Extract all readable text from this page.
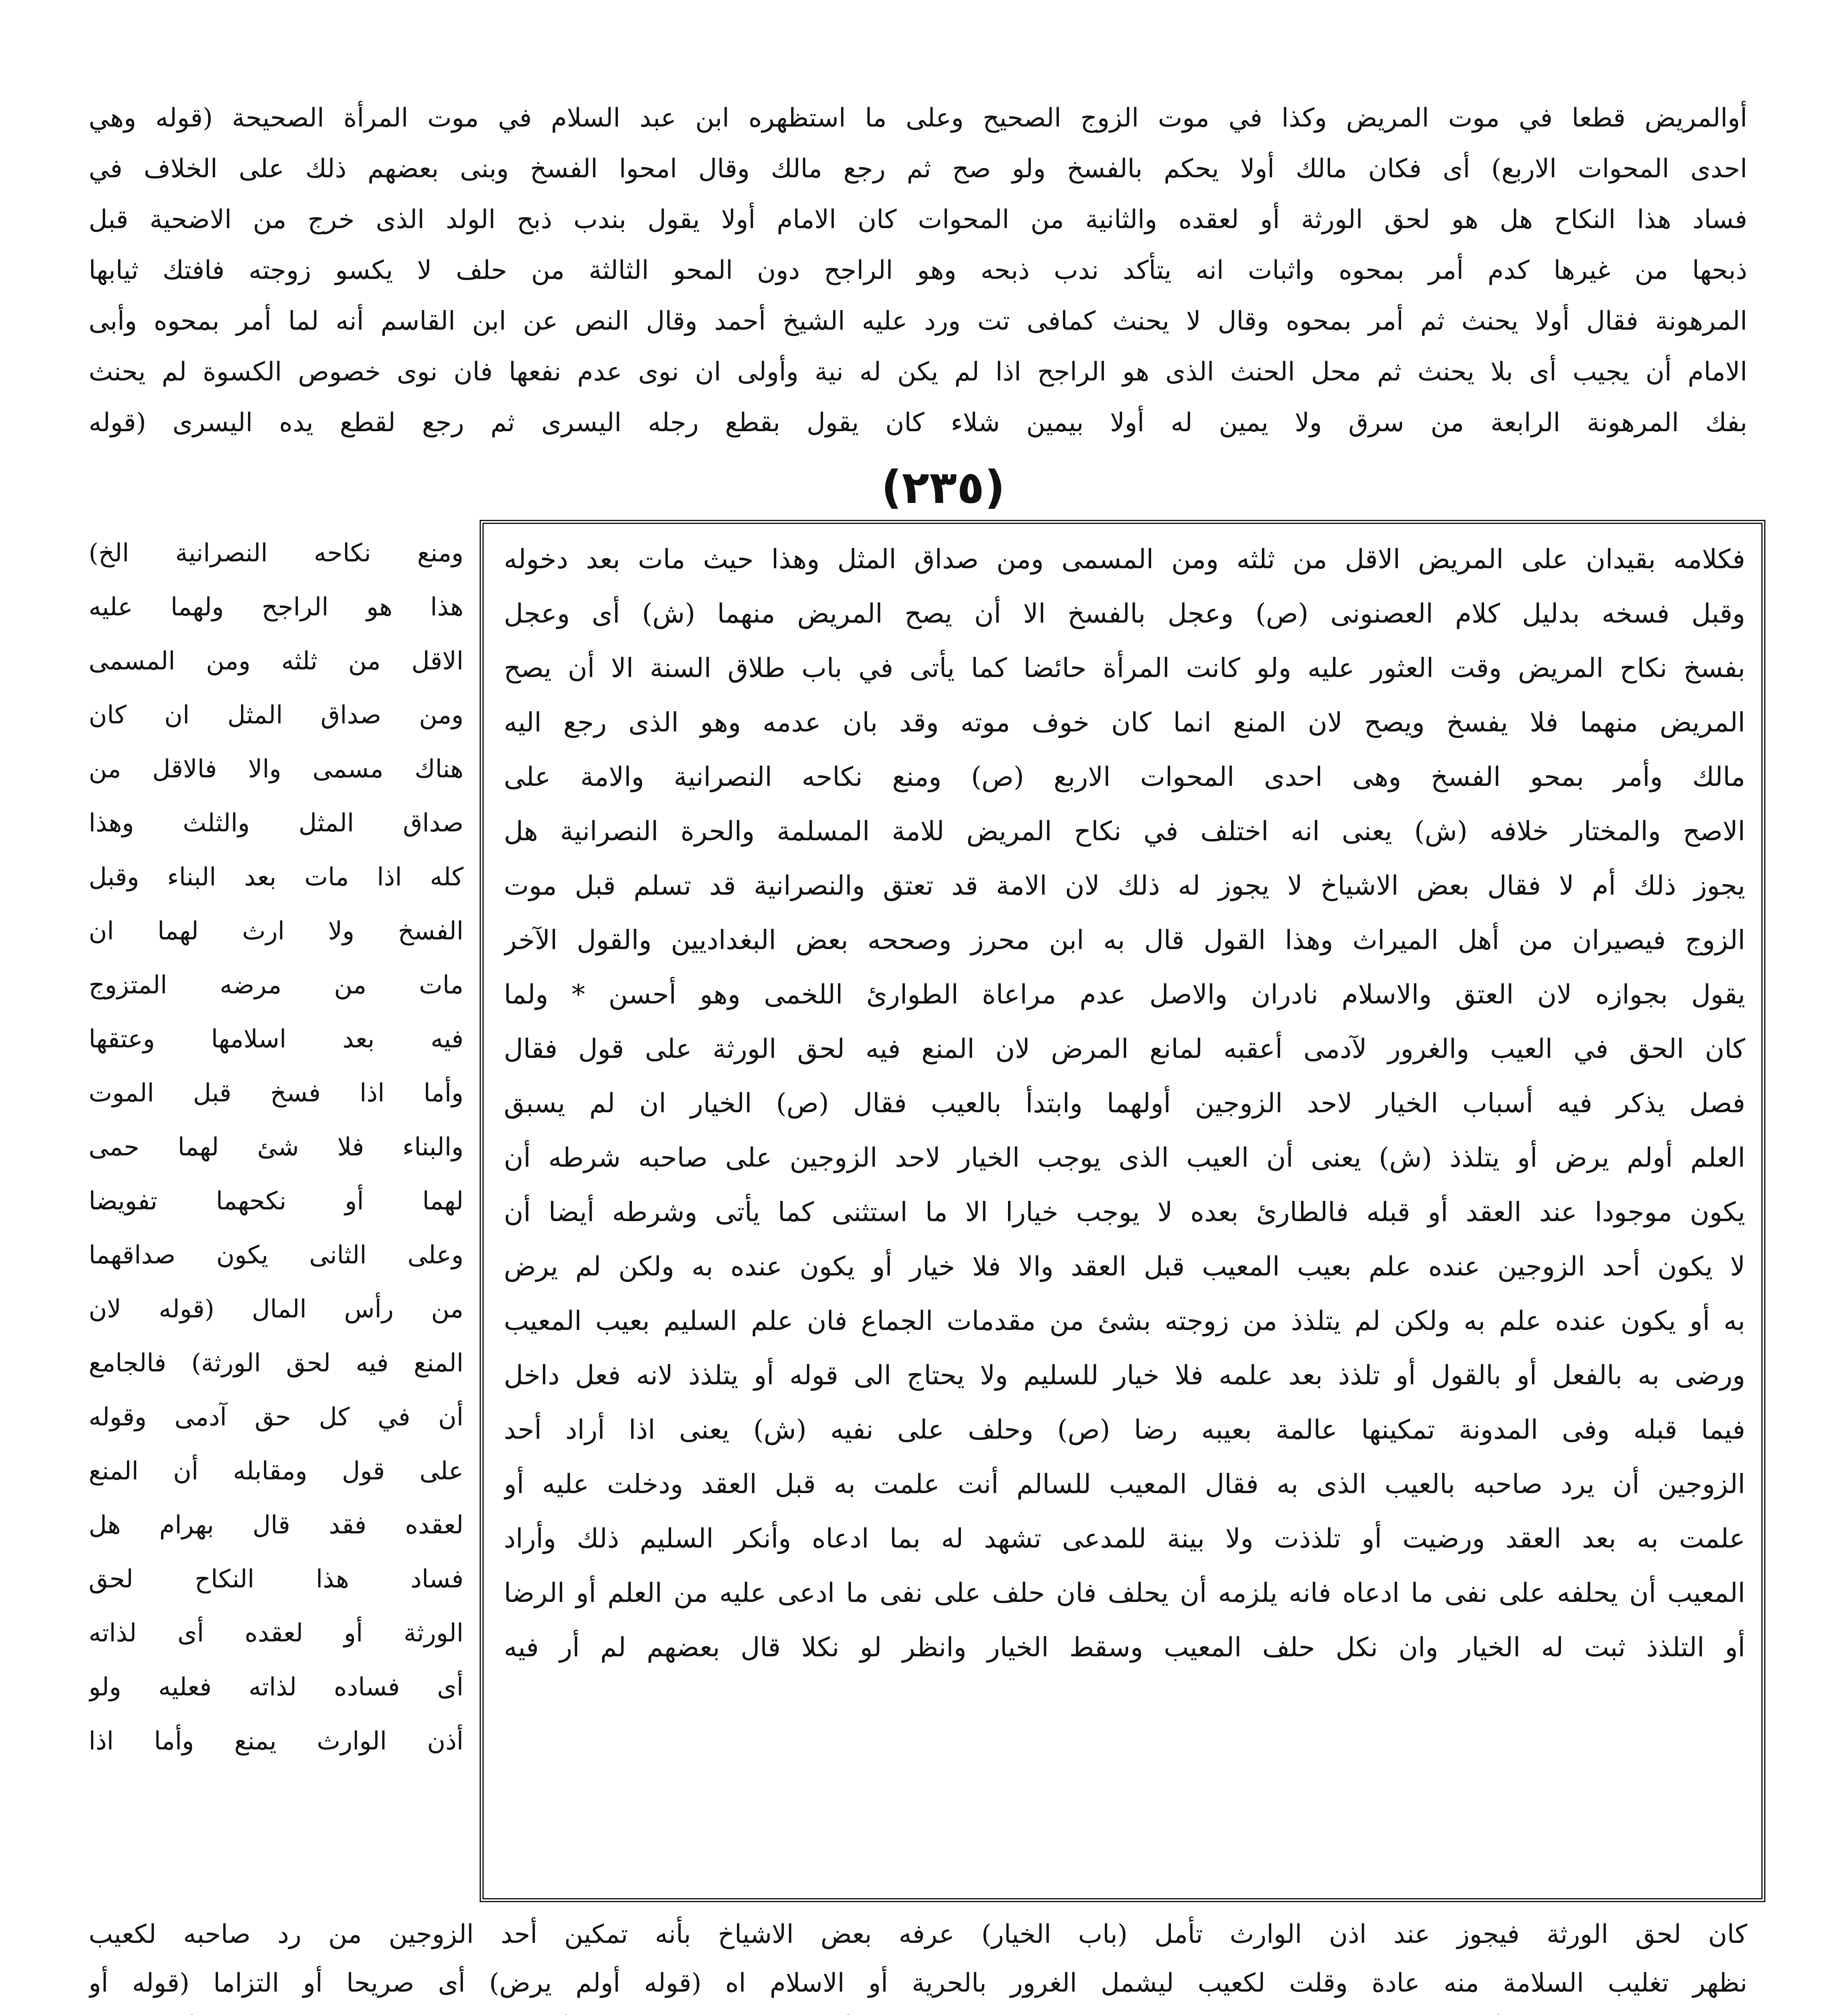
أوالمريض قطعا في موت المريض وكذا في موت الزوج الصحيح وعلى ما استظهره ابن عبد السلام في موت المرأة الصحيحة (قوله وهي

احدى المحوات الاربع) أى فكان مالك أولا يحكم بالفسخ ولو صح ثم رجع مالك وقال امحوا الفسخ وبنى بعضهم ذلك على الخلاف في

فساد هذا النكاح هل هو لحق الورثة أو لعقده والثانية من المحوات كان الامام أولا يقول بندب ذبح الولد الذى خرج من الاضحية قبل

ذبحها من غيرها كدم أمر بمحوه واثبات انه يتأكد ندب ذبحه وهو الراجح دون المحو الثالثة من حلف لا يكسو زوجته فافتك ثيابها

المرهونة فقال أولا يحنث ثم أمر بمحوه وقال لا يحنث كمافى تت ورد عليه الشيخ أحمد وقال النص عن ابن القاسم أنه لما أمر بمحوه وأبى

الامام أن يجيب أى بلا يحنث ثم محل الحنث الذى هو الراجح اذا لم يكن له نية وأولى ان نوى عدم نفعها فان نوى خصوص الكسوة لم يحنث

بفك المرهونة الرابعة من سرق ولا يمين له أولا بيمين شلاء كان يقول بقطع رجله اليسرى ثم رجع لقطع يده اليسرى (قوله

(٢٣٥)

فكلامه بقيدان على المريض الاقل من ثلثه ومن المسمى ومن صداق المثل وهذا حيث مات بعد دخوله

وقبل فسخه بدليل كلام العصنونى (ص) وعجل بالفسخ الا أن يصح المريض منهما (ش) أى وعجل

بفسخ نكاح المريض وقت العثور عليه ولو كانت المرأة حائضا كما يأتى في باب طلاق السنة الا أن يصح

المريض منهما فلا يفسخ ويصح لان المنع انما كان خوف موته وقد بان عدمه وهو الذى رجع اليه

مالك وأمر بمحو الفسخ وهى احدى المحوات الاربع (ص) ومنع نكاحه النصرانية والامة على

الاصح والمختار خلافه (ش) يعنى انه اختلف في نكاح المريض للامة المسلمة والحرة النصرانية هل

يجوز ذلك أم لا فقال بعض الاشياخ لا يجوز له ذلك لان الامة قد تعتق والنصرانية قد تسلم قبل موت

الزوج فيصيران من أهل الميراث وهذا القول قال به ابن محرز وصححه بعض البغداديين والقول الآخر

يقول بجوازه لان العتق والاسلام نادران والاصل عدم مراعاة الطوارئ اللخمى وهو أحسن * ولما

كان الحق في العيب والغرور لآدمى أعقبه لمانع المرض لان المنع فيه لحق الورثة على قول فقال

فصل يذكر فيه أسباب الخيار لاحد الزوجين أولهما وابتدأ بالعيب فقال (ص) الخيار ان لم يسبق

العلم أولم يرض أو يتلذذ (ش) يعنى أن العيب الذى يوجب الخيار لاحد الزوجين على صاحبه شرطه أن

يكون موجودا عند العقد أو قبله فالطارئ بعده لا يوجب خيارا الا ما استثنى كما يأتى وشرطه أيضا أن

لا يكون أحد الزوجين عنده علم بعيب المعيب قبل العقد والا فلا خيار أو يكون عنده به ولكن لم يرض

به أو يكون عنده علم به ولكن لم يتلذذ من زوجته بشئ من مقدمات الجماع فان علم السليم بعيب المعيب

ورضى به بالفعل أو بالقول أو تلذذ بعد علمه فلا خيار للسليم ولا يحتاج الى قوله أو يتلذذ لانه فعل داخل

فيما قبله وفى المدونة تمكينها عالمة بعيبه رضا (ص) وحلف على نفيه (ش) يعنى اذا أراد أحد

الزوجين أن يرد صاحبه بالعيب الذى به فقال المعيب للسالم أنت علمت به قبل العقد ودخلت عليه أو

علمت به بعد العقد ورضيت أو تلذذت ولا بينة للمدعى تشهد له بما ادعاه وأنكر السليم ذلك وأراد

المعيب أن يحلفه على نفى ما ادعاه فانه يلزمه أن يحلف فان حلف على نفى ما ادعى عليه من العلم أو الرضا

أو التلذذ ثبت له الخيار وان نكل حلف المعيب وسقط الخيار وانظر لو نكلا قال بعضهم لم أر فيه

ومنع نكاحه النصرانية الخ)

هذا هو الراجح ولهما عليه

الاقل من ثلثه ومن المسمى

ومن صداق المثل ان كان

هناك مسمى والا فالاقل من

صداق المثل والثلث وهذا

كله اذا مات بعد البناء وقبل

الفسخ ولا ارث لهما ان

مات من مرضه المتزوج

فيه بعد اسلامها وعتقها

وأما اذا فسخ قبل الموت

والبناء فلا شئ لهما حمى

لهما أو نكحهما تفويضا

وعلى الثانى يكون صداقهما

من رأس المال (قوله لان

المنع فيه لحق الورثة) فالجامع

أن في كل حق آدمى وقوله

على قول ومقابله أن المنع

لعقده فقد قال بهرام هل

فساد هذا النكاح لحق

الورثة أو لعقده أى لذاته

أى فساده لذاته فعليه ولو

أذن الوارث يمنع وأما اذا

كان لحق الورثة فيجوز عند اذن الوارث تأمل (باب الخيار) عرفه بعض الاشياخ بأنه تمكين أحد الزوجين من رد صاحبه لكعيب

نظهر تغليب السلامة منه عادة وقلت لكعيب ليشمل الغرور بالحرية أو الاسلام اه (قوله أولم يرض) أى صريحا أو التزاما (قوله أو
